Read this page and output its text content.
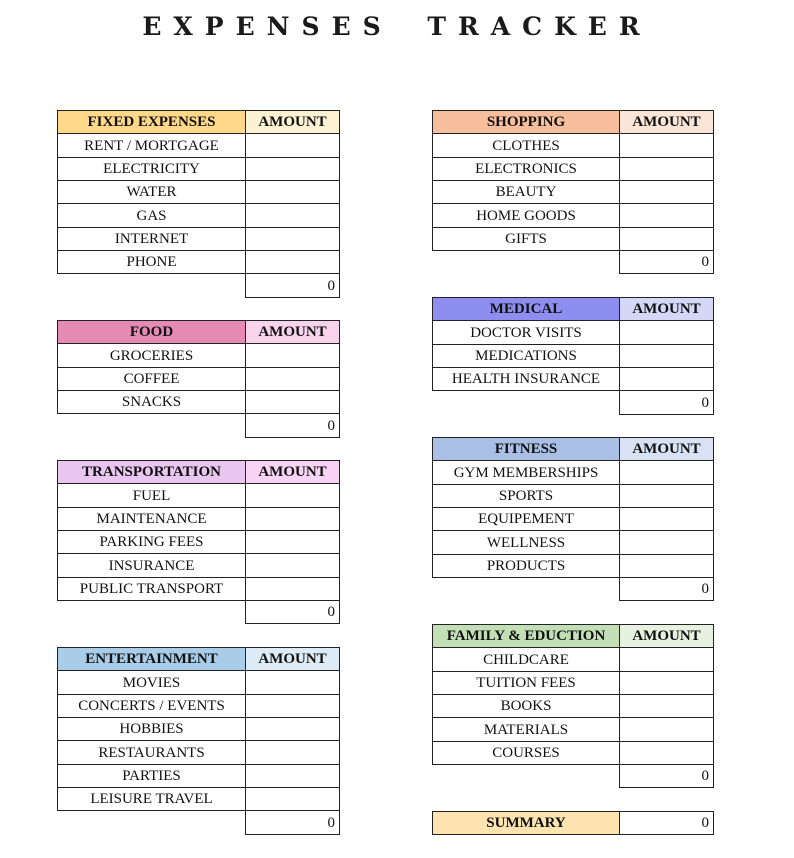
EXPENSES TRACKER
FIXED EXPENSES	AMOUNT
RENT / MORTGAGE	
ELECTRICITY	
WATER	
GAS	
INTERNET	
PHONE	
	0
FOOD	AMOUNT
GROCERIES	
COFFEE	
SNACKS	
	0
TRANSPORTATION	AMOUNT
FUEL	
MAINTENANCE	
PARKING FEES	
INSURANCE	
PUBLIC TRANSPORT	
	0
ENTERTAINMENT	AMOUNT
MOVIES	
CONCERTS / EVENTS	
HOBBIES	
RESTAURANTS	
PARTIES	
LEISURE TRAVEL	
	0
SHOPPING	AMOUNT
CLOTHES	
ELECTRONICS	
BEAUTY	
HOME GOODS	
GIFTS	
	0
MEDICAL	AMOUNT
DOCTOR VISITS	
MEDICATIONS	
HEALTH INSURANCE	
	0
FITNESS	AMOUNT
GYM MEMBERSHIPS	
SPORTS	
EQUIPEMENT	
WELLNESS	
PRODUCTS	
	0
FAMILY & EDUCTION	AMOUNT
CHILDCARE	
TUITION FEES	
BOOKS	
MATERIALS	
COURSES	
	0
SUMMARY	0
